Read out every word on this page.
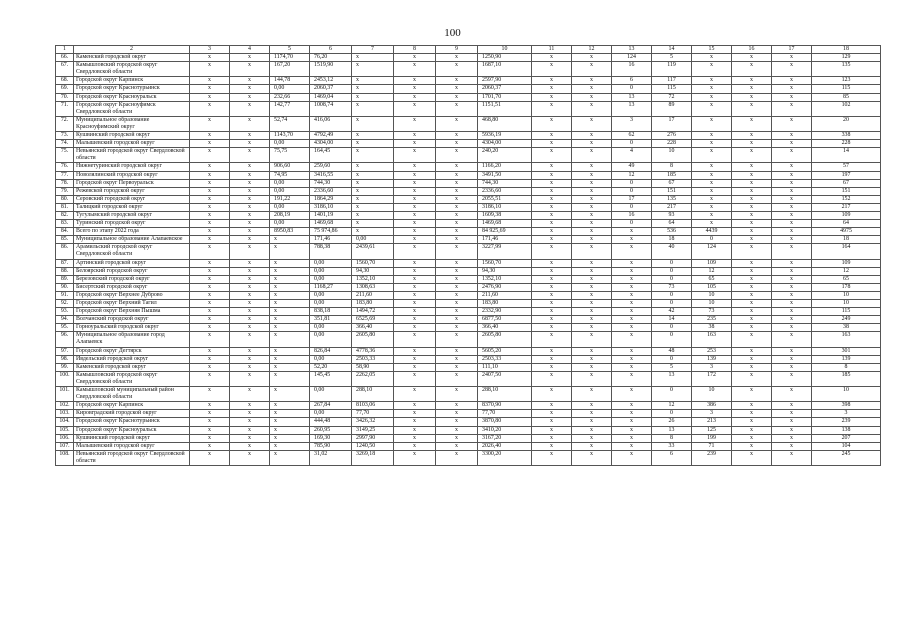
100
1	2	3	4	5	6	7	8	9	10	11	12	13	14	15	16	17	18
66.	Каменский городской округ	x	x	1174,70	76,20	x	x	x	1250,90	x	x	124	5	x	x	x	129
67.	Камышловский городской округ Свердловской области	x	x	167,20	1519,90	x	x	x	1687,10	x	x	16	119	x	x	x	135
68.	Городской округ Карпинск	x	x	144,78	2453,12	x	x	x	2597,90	x	x	6	117	x	x	x	123
69.	Городской округ Краснотурьинск	x	x	0,00	2060,37	x	x	x	2060,37	x	x	0	115	x	x	x	115
70.	Городской округ Красноуральск	x	x	232,66	1469,04	x	x	x	1701,70	x	x	13	72	x	x	x	85
71.	Городской округ Красноуфимск Свердловской области	x	x	142,77	1008,74	x	x	x	1151,51	x	x	13	89	x	x	x	102
72.	Муниципальное образование Красноуфимский округ	x	x	52,74	416,06	x	x	x	468,80	x	x	3	17	x	x	x	20
73.	Кушвинский городской округ	x	x	1143,70	4792,49	x	x	x	5936,19	x	x	62	276	x	x	x	338
74.	Малышевский городской округ	x	x	0,00	4304,00	x	x	x	4304,00	x	x	0	228	x	x	x	228
75.	Невьянский городской округ Свердловской области	x	x	75,75	164,45	x	x	x	240,20	x	x	4	10	x	x	x	14
76.	Нижнетуринский городской округ	x	x	906,60	259,60	x	x	x	1166,20	x	x	49	8	x	x	x	57
77.	Новолялинский городской округ	x	x	74,95	3416,55	x	x	x	3491,50	x	x	12	185	x	x	x	197
78.	Городской округ Первоуральск	x	x	0,00	744,30	x	x	x	744,30	x	x	0	67	x	x	x	67
79.	Режевской городской округ	x	x	0,00	2336,60	x	x	x	2336,60	x	x	0	151	x	x	x	151
80.	Серовский городской округ	x	x	191,22	1864,29	x	x	x	2055,51	x	x	17	135	x	x	x	152
81.	Талицкий городской округ	x	x	0,00	3186,10	x	x	x	3186,10	x	x	0	217	x	x	x	217
82.	Тугулымский городской округ	x	x	208,19	1401,19	x	x	x	1609,38	x	x	16	93	x	x	x	109
83.	Туринский городской округ	x	x	0,00	1469,68	x	x	x	1469,68	x	x	0	64	x	x	x	64
84.	Всего по этапу 2022 года	x	x	8950,83	75 974,86	x	x	x	84 925,69	x	x	x	536	4439	x	x	4975
85.	Муниципальное образование Алапаевское	x	x	x	171,46	0,00	x	x	171,46	x	x	x	18	0	x	x	18
86.	Арамильский городской округ Свердловской области	x	x	x	788,38	2439,61	x	x	3227,99	x	x	x	40	124	x	x	164
87.	Артинский городской округ	x	x	x	0,00	1560,70	x	x	1560,70	x	x	x	0	109	x	x	109
88.	Белоярский городской округ	x	x	x	0,00	94,30	x	x	94,30	x	x	x	0	12	x	x	12
89.	Березовский городской округ	x	x	x	0,00	1352,10	x	x	1352,10	x	x	x	0	65	x	x	65
90.	Бисертский городской округ	x	x	x	1168,27	1308,63	x	x	2476,90	x	x	x	73	105	x	x	178
91.	Городской округ Верхнее Дуброво	x	x	x	0,00	211,60	x	x	211,60	x	x	x	0	10	x	x	10
92.	Городской округ Верхний Тагил	x	x	x	0,00	183,80	x	x	183,80	x	x	x	0	10	x	x	10
93.	Городской округ Верхняя Пышма	x	x	x	838,18	1494,72	x	x	2332,90	x	x	x	42	73	x	x	115
94.	Волчанский городской округ	x	x	x	351,81	6525,69	x	x	6877,50	x	x	x	14	235	x	x	249
95.	Горноуральский городской округ	x	x	x	0,00	366,40	x	x	366,40	x	x	x	0	38	x	x	38
96.	Муниципальное образование город Алапаевск	x	x	x	0,00	2605,80	x	x	2605,80	x	x	x	0	163	x	x	163
97.	Городской округ Дегтярск	x	x	x	826,84	4778,36	x	x	5605,20	x	x	x	48	253	x	x	301
98.	Ивдельский городской округ	x	x	x	0,00	2503,33	x	x	2503,33	x	x	x	0	139	x	x	139
99.	Каменский городской округ	x	x	x	52,20	58,90	x	x	111,10	x	x	x	5	3	x	x	8
100.	Камышловский городской округ Свердловской области	x	x	x	145,45	2262,05	x	x	2407,50	x	x	x	13	172	x	x	185
101.	Камышловский муниципальный район Свердловской области	x	x	x	0,00	288,10	x	x	288,10	x	x	x	0	10	x	x	10
102.	Городской округ Карпинск	x	x	x	267,84	8103,06	x	x	8370,90	x	x	x	12	386	x	x	398
103.	Кировградский городской округ	x	x	x	0,00	77,70	x	x	77,70	x	x	x	0	3	x	x	3
104.	Городской округ Краснотурьинск	x	x	x	444,48	3426,32	x	x	3870,80	x	x	x	26	213	x	x	239
105.	Городской округ Красноуральск	x	x	x	260,95	3149,25	x	x	3410,20	x	x	x	13	125	x	x	138
106.	Кушвинский городской округ	x	x	x	169,30	2997,90	x	x	3167,20	x	x	x	8	199	x	x	207
107.	Малышевский городской округ	x	x	x	785,90	1240,50	x	x	2026,40	x	x	x	33	71	x	x	104
108.	Невьянский городской округ Свердловской области	x	x	x	31,02	3269,18	x	x	3300,20	x	x	x	6	239	x	x	245
